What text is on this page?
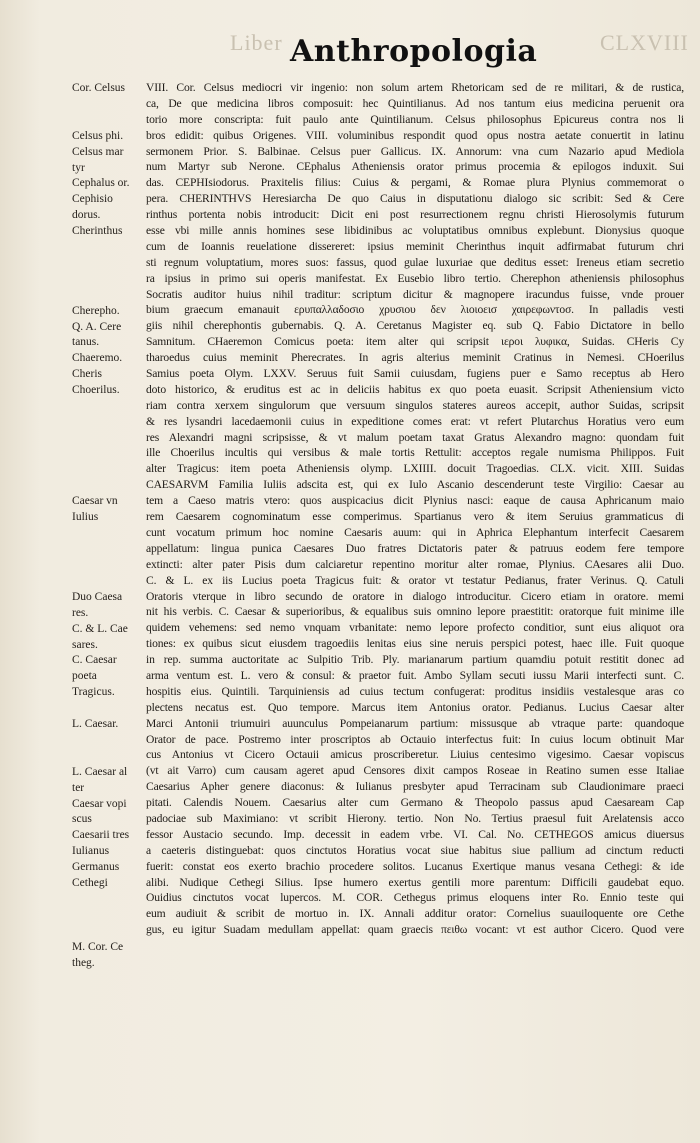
Liber	CLXVIII
Anthropologia
Cor. Celsus
Celsus phi.
Celsus mar
tyr
Cephalus or.
Cephisio
dorus.
Cherinthus
Cherepho.
Q. A. Cere
tanus.
Chaeremo.
Cheris
Choerilus.
Caesar vn
Iulius
Duo Caesa
res.
C. & L. Cae
sares.
C. Caesar
poeta
Tragicus.
L. Caesar.
L. Caesar al
ter
Caesar vopi
scus
Caesarii tres
Iulianus
Germanus
Cethegi
M. Cor. Ce
theg.
VIII. Cor. Celsus mediocri vir ingenio: non solum artem Rhetoricam sed de re militari, & de rustica,
ca, De que medicina libros composuit: hec Quintilianus. Ad nos tantum eius medicina peruenit ora
torio more conscripta: fuit paulo ante Quintilianum. Celsus philosophus Epicureus contra nos li
bros edidit: quibus Origenes. VIII. voluminibus respondit quod opus nostra aetate conuertit in latinu
sermonem Prior. S. Balbinae. Celsus puer Gallicus. IX. Annorum: vna cum Nazario apud Mediola
num Martyr sub Nerone. CEphalus Atheniensis orator primus procemia & epilogos induxit. Sui
das. CEPHIsiodorus. Praxitelis filius: Cuius & pergami, & Romae plura Plynius commemorat o
pera. CHERINTHVS Heresiarcha De quo Caius in disputationu dialogo sic scribit: Sed & Cere
rinthus portenta nobis introducit: Dicit eni post resurrectionem regnu christi Hierosolymis futurum
esse vbi mille annis homines sese libidinibus ac voluptatibus omnibus explebunt. Dionysius quoque
cum de Ioannis reuelatione dissereret: ipsius meminit Cherinthus inquit adfirmabat futurum chri
sti regnum voluptatium, mores suos: fassus, quod gulae luxuriae que deditus esset: Ireneus etiam secretio
ra ipsius in primo sui operis manifestat. Ex Eusebio libro tertio. Cherephon atheniensis philosophus
Socratis auditor huius nihil traditur: scriptum dicitur & magnopere iracundus fuisse, vnde prouer
bium graecum emanauit ερυπαλλαδοσιο χρυσιου δεν λιοιοεισ χαιρεφωντοσ. In palladis vesti
giis nihil cherephontis gubernabis. Q. A. Ceretanus Magister eq. sub Q. Fabio Dictatore in bello
Samnitum. CHaeremon Comicus poeta: item alter qui scripsit ιεροι λυφικα, Suidas. CHeris Cy
tharoedus cuius meminit Pherecrates. In agris alterius meminit Cratinus in Nemesi. CHoerilus
Samius poeta Olym. LXXV. Seruus fuit Samii cuiusdam, fugiens puer e Samo receptus ab Hero
doto historico, & eruditus est ac in deliciis habitus ex quo poeta euasit. Scripsit Atheniensium victo
riam contra xerxem singulorum que versuum singulos stateres aureos accepit, author Suidas, scripsit
& res lysandri lacedaemonii cuius in expeditione comes erat: vt refert Plutarchus Horatius vero eum
res Alexandri magni scripsisse, & vt malum poetam taxat Gratus Alexandro magno: quondam fuit
ille Choerilus incultis qui versibus & male tortis Rettulit: acceptos regale numisma Philippos. Fuit
alter Tragicus: item poeta Atheniensis olymp. LXIIII. docuit Tragoedias. CLX. vicit. XIII. Suidas
CAESARVM Familia Iuliis adscita est, qui ex Iulo Ascanio descenderunt teste Virgilio: Caesar au
tem a Caeso matris vtero: quos auspicacius dicit Plynius nasci: eaque de causa Aphricanum maio
rem Caesarem cognominatum esse comperimus. Spartianus vero & item Seruius grammaticus di
cunt vocatum primum hoc nomine Caesaris auum: qui in Aphrica Elephantum interfecit Caesarem
appellatum: lingua punica Caesares Duo fratres Dictatoris pater & patruus eodem fere tempore
extincti: alter pater Pisis dum calciaretur repentino moritur alter romae, Plynius. CAesares alii Duo.
C. & L. ex iis Lucius poeta Tragicus fuit: & orator vt testatur Pedianus, frater Verinus. Q. Catuli
Oratoris vterque in libro secundo de oratore in dialogo introducitur. Cicero etiam in oratore. memi
nit his verbis. C. Caesar & superioribus, & equalibus suis omnino lepore praestitit: oratorque fuit minime ille
quidem vehemens: sed nemo vnquam vrbanitate: nemo lepore profecto conditior, sunt eius aliquot ora
tiones: ex quibus sicut eiusdem tragoediis lenitas eius sine neruis perspici potest, haec ille. Fuit quoque
in rep. summa auctoritate ac Sulpitio Trib. Ply. marianarum partium quamdiu potuit restitit donec ad
arma ventum est. L. vero & consul: & praetor fuit. Ambo Syllam secuti iussu Marii interfecti sunt. C.
hospitis eius. Quintili. Tarquiniensis ad cuius tectum confugerat: proditus insidiis vestalesque aras co
plectens necatus est. Quo tempore. Marcus item Antonius orator. Pedianus. Lucius Caesar alter
Marci Antonii triumuiri auunculus Pompeianarum partium: missusque ab vtraque parte: quandoque
Orator de pace. Postremo inter proscriptos ab Octauio interfectus fuit: In cuius locum obtinuit Mar
cus Antonius vt Cicero Octauii amicus proscriberetur. Liuius centesimo vigesimo. Caesar vopiscus
(vt ait Varro) cum causam ageret apud Censores dixit campos Roseae in Reatino sumen esse Italiae
Caesarius Apher genere diaconus: & Iulianus presbyter apud Terracinam sub Claudionimare praeci
pitati. Calendis Nouem. Caesarius alter cum Germano & Theopolo passus apud Caesaream Cap
padociae sub Maximiano: vt scribit Hierony. tertio. Non No. Tertius praesul fuit Arelatensis acco
fessor Austacio secundo. Imp. decessit in eadem vrbe. VI. Cal. No. CETHEGOS amicus diuersus
a caeteris distinguebat: quos cinctutos Horatius vocat siue habitus siue pallium ad cinctum reducti
fuerit: constat eos exerto brachio procedere solitos. Lucanus Exertique manus vesana Cethegi: & ide
alibi. Nudique Cethegi Silius. Ipse humero exertus gentili more parentum: Difficili gaudebat equo.
Ouidius cinctutos vocat lupercos. M. COR. Cethegus primus eloquens inter Ro. Ennio teste qui
eum audiuit & scribit de mortuo in. IX. Annali additur orator: Cornelius suauiloquente ore Cethe
gus, eu igitur Suadam medullam appellat: quam graecis πειθω vocant: vt est author Cicero. Quod vere
